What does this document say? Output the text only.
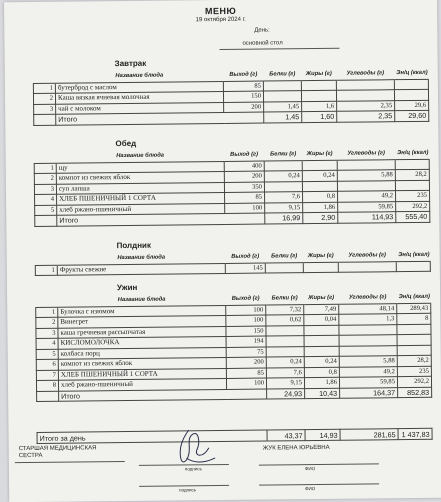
МЕНЮ
19 октября 2024 г.
День:
основной стол
Завтрак
	Название блюда	Выход (г)	Белки (г)	Жиры (г)	Углеводы (г)	Эн/ц (ккал)
1	бутерброд с маслом	85				
2	Каша вязкая ячневая молочная	150				
3	чай с молоком	200	1,45	1,6	2,35	29,6
	Итого		1,45	1,60	2,35	29,60
Обед
	Название блюда	Выход (г)	Белки (г)	Жиры (г)	Углеводы (г)	Эн/ц (ккал)
1	щу	400				
2	компот из свежих яблок	200	0,24	0,24	5,88	28,2
3	суп лапша	350				
4	ХЛЕБ ПШЕНИЧНЫЙ 1 СОРТА	85	7,6	0,8	49,2	235
5	хлеб ржано-пшеничный	100	9,15	1,86	59,85	292,2
	Итого		16,99	2,90	114,93	555,40
Полдник
	Название блюда	Выход (г)	Белки (г)	Жиры (г)	Углеводы (г)	Эн/ц (ккал)
1	Фрукты свежие	145				
Ужин
	Название блюда	Выход (г)	Белки (г)	Жиры (г)	Углеводы (г)	Эн/ц (ккал)
1	Булочка с изюмом	100	7,32	7,49	48,14	289,43
2	Винегрет	100	0,62	0,04	1,3	8
3	каша гречневая рассыпчатая	150				
4	КИСЛОМОЛОЧКА	194				
5	колбаса порц	75				
6	компот из свежих яблок	200	0,24	0,24	5,88	28,2
7	ХЛЕБ ПШЕНИЧНЫЙ 1 СОРТА	85	7,6	0,8	49,2	235
8	хлеб ржано-пшеничный	100	9,15	1,86	59,85	292,2
	Итого		24,93	10,43	164,37	852,83
Итого за день	43,37	14,93	281,65	1 437,83
СТАРШАЯ МЕДИЦИНСКАЯ
СЕСТРА
подпись
ЖУК ЕЛЕНА ЮРЬЕВНА
ФИО
подпись	ФИО
